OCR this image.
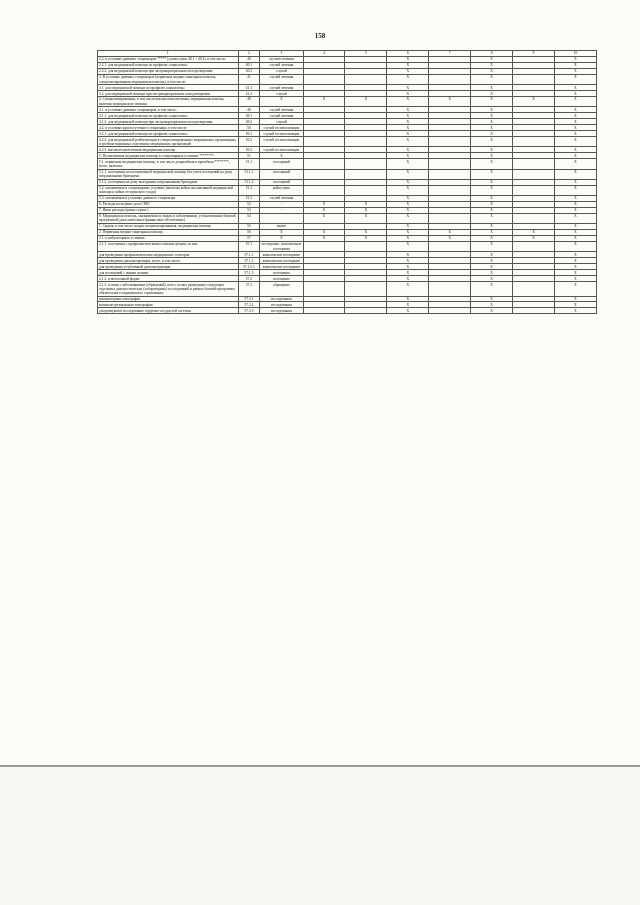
158
1	2	3	4	5	6	7	8	9	10
2.2. в условиях дневных стационаров ***** (сумма строк 40.1 + 40.2), в том числе:	40	случаев лечения			X		X		X
2.2.1. для медицинской помощи по профилю «онкология»	40.1	случай лечения			X		X		X
2.2.2. для медицинской помощи при экстракорпоральном оплодотворении	40.2	случай			X		X		X
3. В условиях дневных стационаров (первичная медико-санитарная помощь, специализированная медицинская помощь), в том числе:	41	случай лечения			X		X		X
3.1. для медицинской помощи по профилю «онкология»	41.1	случай лечения			X		X		X
3.2. для медицинской помощи при экстракорпоральном оплодотворении	41.2	случай			X		X		X
4. Специализированная, в том числе высокотехнологичная, медицинская помощь, включая медицинскую помощь:	48	X	X	X	X	X	X	X	X
4.1. в условиях дневных стационаров, в том числе:	49	случай лечения			X		X		X
4.1.1. для медицинской помощи по профилю «онкология»	49.1	случай лечения			X		X		X
4.1.2. для медицинской помощи при экстракорпоральном оплодотворении	49.2	случай			X		X		X
4.2. в условиях круглосуточного стационара, в том числе:	50	случай госпитализации			X		X		X
4.2.1. для медицинской помощи по профилю «онкология»	50.1	случай госпитализации			X		X		X
4.2.2. для медицинской реабилитации в специализированных медицинских организациях и реабилитационных отделениях медицинских организаций	50.2	случай госпитализации			X		X		X
4.2.3. высокотехнологичная медицинская помощь	50.3	случай госпитализации			X		X		X
5. Паллиативная медицинская помощь в стационарных условиях ********:	51	X			X		X		X
5.1. первичная медицинская помощь, в том числе доврачебная и врачебная ********, всего, включая:	51.1	посещений			X		X		X
5.1.1. посещения по паллиативной медицинской помощи без учета посещений на дому патронажными бригадами	51.1.1	посещений			X		X		X
5.1.2. посещения на дому выездными патронажными бригадами	51.1.2	посещений			X		X		X
5.2. оказываемая в стационарных условиях (включая койки паллиативной медицинской помощи и койки сестринского ухода)	51.2	койко-день			X		X		X
5.3. оказываемая в условиях дневного стационара	51.3	случай лечения			X		X		X
6. Расходы на ведение дела СМО	52	-	X	X	X		X		X
7. Иные расходы (равно строке )	53	-	X	X	X		X		X
8. Медицинская помощь, оказываемая по видам и заболеваниям, установленным базовой программой (дополнительное финансовое обеспечение)	54		X	X	X		X		X
1. Скорая, в том числе скорая специализированная, медицинская помощь	55	вызов			X		X		X
2. Первичная медико-санитарная помощь	56	X	X	X	X	X	X	X	X
2.1. в амбулаторных условиях:	57	X	X	X	X	X	X	X	X
2.1.1. посещения с профилактическими и иными целями, из них	57.1	посещения / комплексные посещения			X		X		X
для проведения профилактических медицинских осмотров	57.1.1	комплексное посещение			X		X		X
для проведения диспансеризации, всего, в том числе:	57.1.2	комплексное посещение			X		X		X
для проведения углубленной диспансеризации	57.1.2.1	комплексное посещение			X		X		X
для посещений с иными целями	57.1.3	посещения			X		X		X
2.1.2. в неотложной форме	57.2	посещение			X		X		X
2.1.3. в связи с заболеваниями (обращений), всего, из них проведение следующих отдельных диагностических (лабораторных) исследований в рамках базовой программы обязательного медицинского страхования:	57.3	обращение			X		X		X
компьютерная томография	57.3.1	исследования			X		X		X
магнитно-резонансная томография	57.3.2	исследования			X		X		X
ультразвуковое исследование сердечно-сосудистой системы	57.3.3	исследования			X		X		X
